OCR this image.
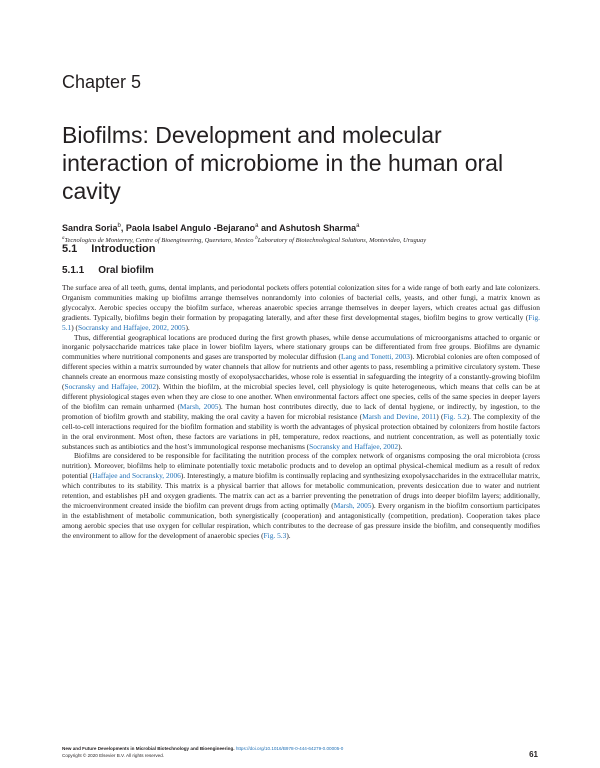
Chapter 5
Biofilms: Development and molecular interaction of microbiome in the human oral cavity
Sandra Soria$^b$, Paola Isabel Angulo -Bejarano$^a$ and Ashutosh Sharma$^a$
$^a$Tecnologico de Monterrey, Centre of Bioengineering, Queretaro, Mexico $^b$Laboratory of Biotechnological Solutions, Montevideo, Uruguay
5.1 Introduction
5.1.1 Oral biofilm

The surface area of all teeth, gums, dental implants, and periodontal pockets offers potential colonization sites for a wide range of both early and late colonizers. Organism communities making up biofilms arrange themselves nonrandomly into colonies of bacterial cells, yeasts, and other fungi, a matrix known as glycocalyx. Aerobic species occupy the biofilm surface, whereas anaerobic species arrange themselves in deeper layers, which creates actual gas diffusion gradients. Typically, biofilms begin their formation by propagating laterally, and after these first developmental stages, biofilm begins to grow vertically (Fig. 5.1) (Socransky and Haffajee, 2002, 2005).

Thus, differential geographical locations are produced during the first growth phases, while dense accumulations of microorganisms attached to organic or inorganic polysaccharide matrices take place in lower biofilm layers, where stationary groups can be differentiated from free groups. Biofilms are dynamic communities where nutritional components and gases are transported by molecular diffusion (Lang and Tonetti, 2003). Microbial colonies are often composed of different species within a matrix surrounded by water channels that allow for nutrients and other agents to pass, resembling a primitive circulatory system. These channels create an enormous maze consisting mostly of exopolysaccharides, whose role is essential in safeguarding the integrity of a constantly-growing biofilm (Socransky and Haffajee, 2002). Within the biofilm, at the microbial species level, cell physiology is quite heterogeneous, which means that cells can be at different physiological stages even when they are close to one another. When environmental factors affect one species, cells of the same species in deeper layers of the biofilm can remain unharmed (Marsh, 2005). The human host contributes directly, due to lack of dental hygiene, or indirectly, by ingestion, to the promotion of biofilm growth and stability, making the oral cavity a haven for microbial resistance (Marsh and Devine, 2011) (Fig. 5.2). The complexity of the cell-to-cell interactions required for the biofilm formation and stability is worth the advantages of physical protection obtained by colonizers from hostile factors in the oral environment. Most often, these factors are variations in pH, temperature, redox reactions, and nutrient concentration, as well as potentially toxic substances such as antibiotics and the host’s immunological response mechanisms (Socransky and Haffajee, 2002).

Biofilms are considered to be responsible for facilitating the nutrition process of the complex network of organisms composing the oral microbiota (cross nutrition). Moreover, biofilms help to eliminate potentially toxic metabolic products and to develop an optimal physical-chemical medium as a result of redox potential (Haffajee and Socransky, 2006). Interestingly, a mature biofilm is continually replacing and synthesizing exopolysaccharides in the extracellular matrix, which contributes to its stability. This matrix is a physical barrier that allows for metabolic communication, prevents desiccation due to water and nutrient retention, and establishes pH and oxygen gradients. The matrix can act as a barrier preventing the penetration of drugs into deeper biofilm layers; additionally, the microenvironment created inside the biofilm can prevent drugs from acting optimally (Marsh, 2005). Every organism in the biofilm consortium participates in the establishment of metabolic communication, both synergistically (cooperation) and antagonistically (competition, predation). Cooperation takes place among aerobic species that use oxygen for cellular respiration, which contributes to the decrease of gas pressure inside the biofilm, and consequently modifies the environment to allow for the development of anaerobic species (Fig. 5.3).

New and Future Developments in Microbial Biotechnology and Bioengineering. https://doi.org/10.1016/B978-0-444-64279-0.00005-0
Copyright © 2020 Elsevier B.V. All rights reserved.	61
